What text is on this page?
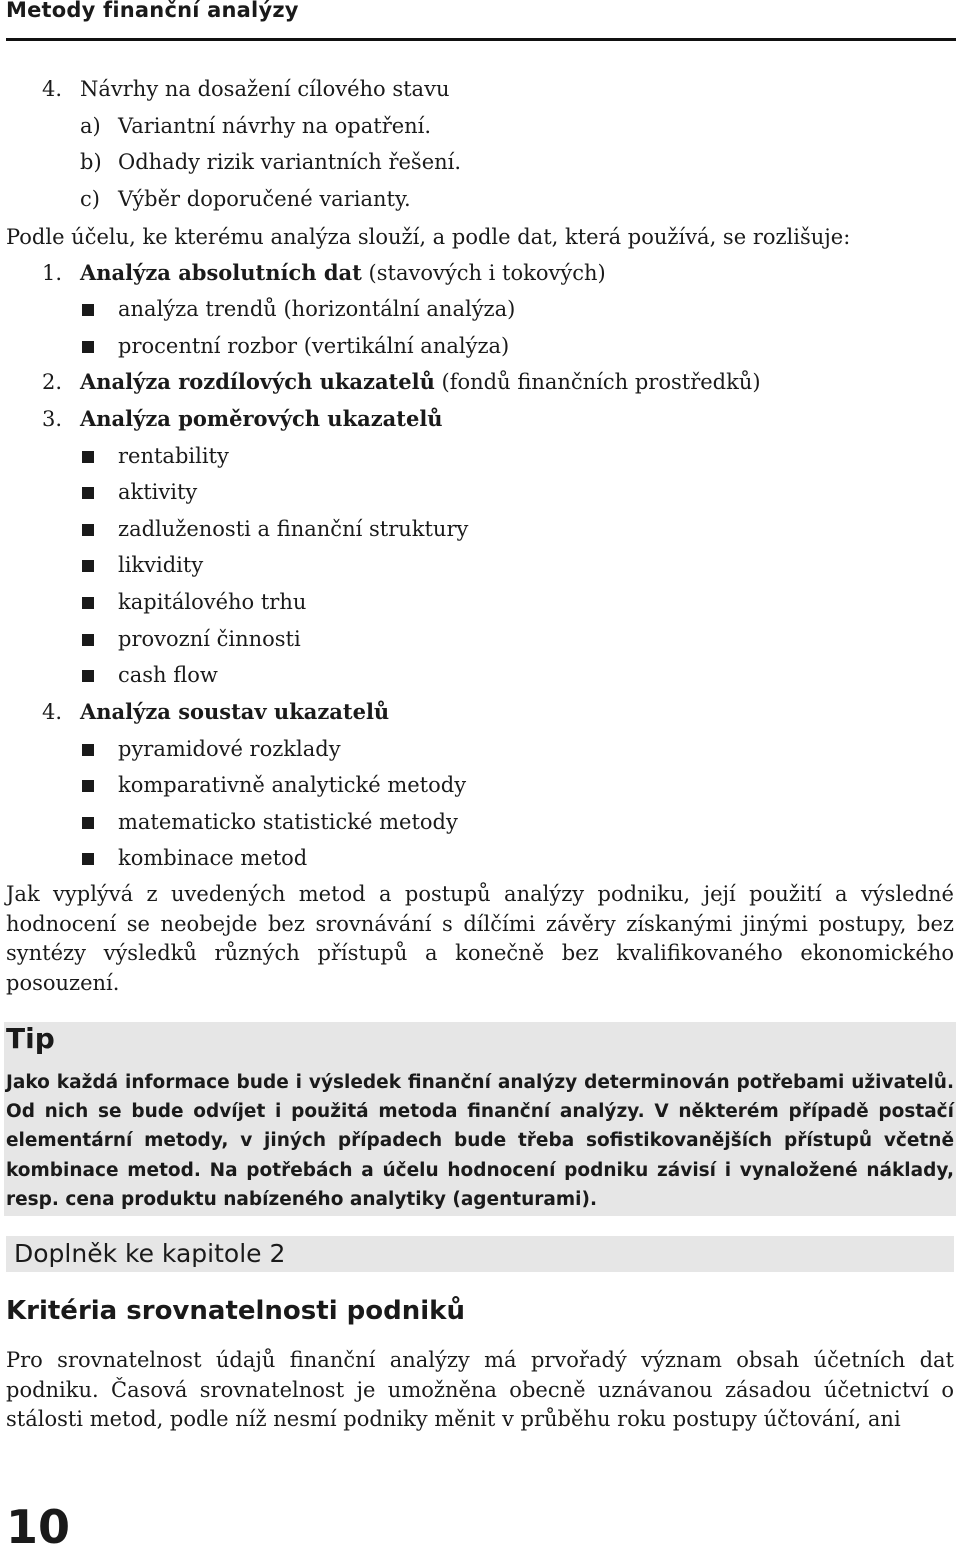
Metody finanční analýzy
4. Návrhy na dosažení cílového stavu
a) Variantní návrhy na opatření.
b) Odhady rizik variantních řešení.
c) Výběr doporučené varianty.
Podle účelu, ke kterému analýza slouží, a podle dat, která používá, se rozlišuje:
1. Analýza absolutních dat (stavových i tokových)
analýza trendů (horizontální analýza)
procentní rozbor (vertikální analýza)
2. Analýza rozdílových ukazatelů (fondů finančních prostředků)
3. Analýza poměrových ukazatelů
rentability
aktivity
zadluženosti a finanční struktury
likvidity
kapitálového trhu
provozní činnosti
cash flow
4. Analýza soustav ukazatelů
pyramidové rozklady
komparativně analytické metody
matematicko statistické metody
kombinace metod
Jak vyplývá z uvedených metod a postupů analýzy podniku, její použití a výsledné hodnocení se neobejde bez srovnávání s dílčími závěry získanými jinými postupy, bez syntézy výsledků různých přístupů a konečně bez kvalifikovaného ekonomického posouzení.
Tip
Jako každá informace bude i výsledek finanční analýzy determinován potřebami uživatelů. Od nich se bude odvíjet i použitá metoda finanční analýzy. V některém případě postačí elementární metody, v jiných případech bude třeba sofistikovanějších přístupů včetně kombinace metod. Na potřebách a účelu hodnocení podniku závisí i vynaložené náklady, resp. cena produktu nabízeného analytiky (agenturami).
Doplněk ke kapitole 2
Kritéria srovnatelnosti podniků
Pro srovnatelnost údajů finanční analýzy má prvořadý význam obsah účetních dat podniku. Časová srovnatelnost je umožněna obecně uznávanou zásadou účetnictví o stálosti metod, podle níž nesmí podniky měnit v průběhu roku postupy účtování, ani
10
